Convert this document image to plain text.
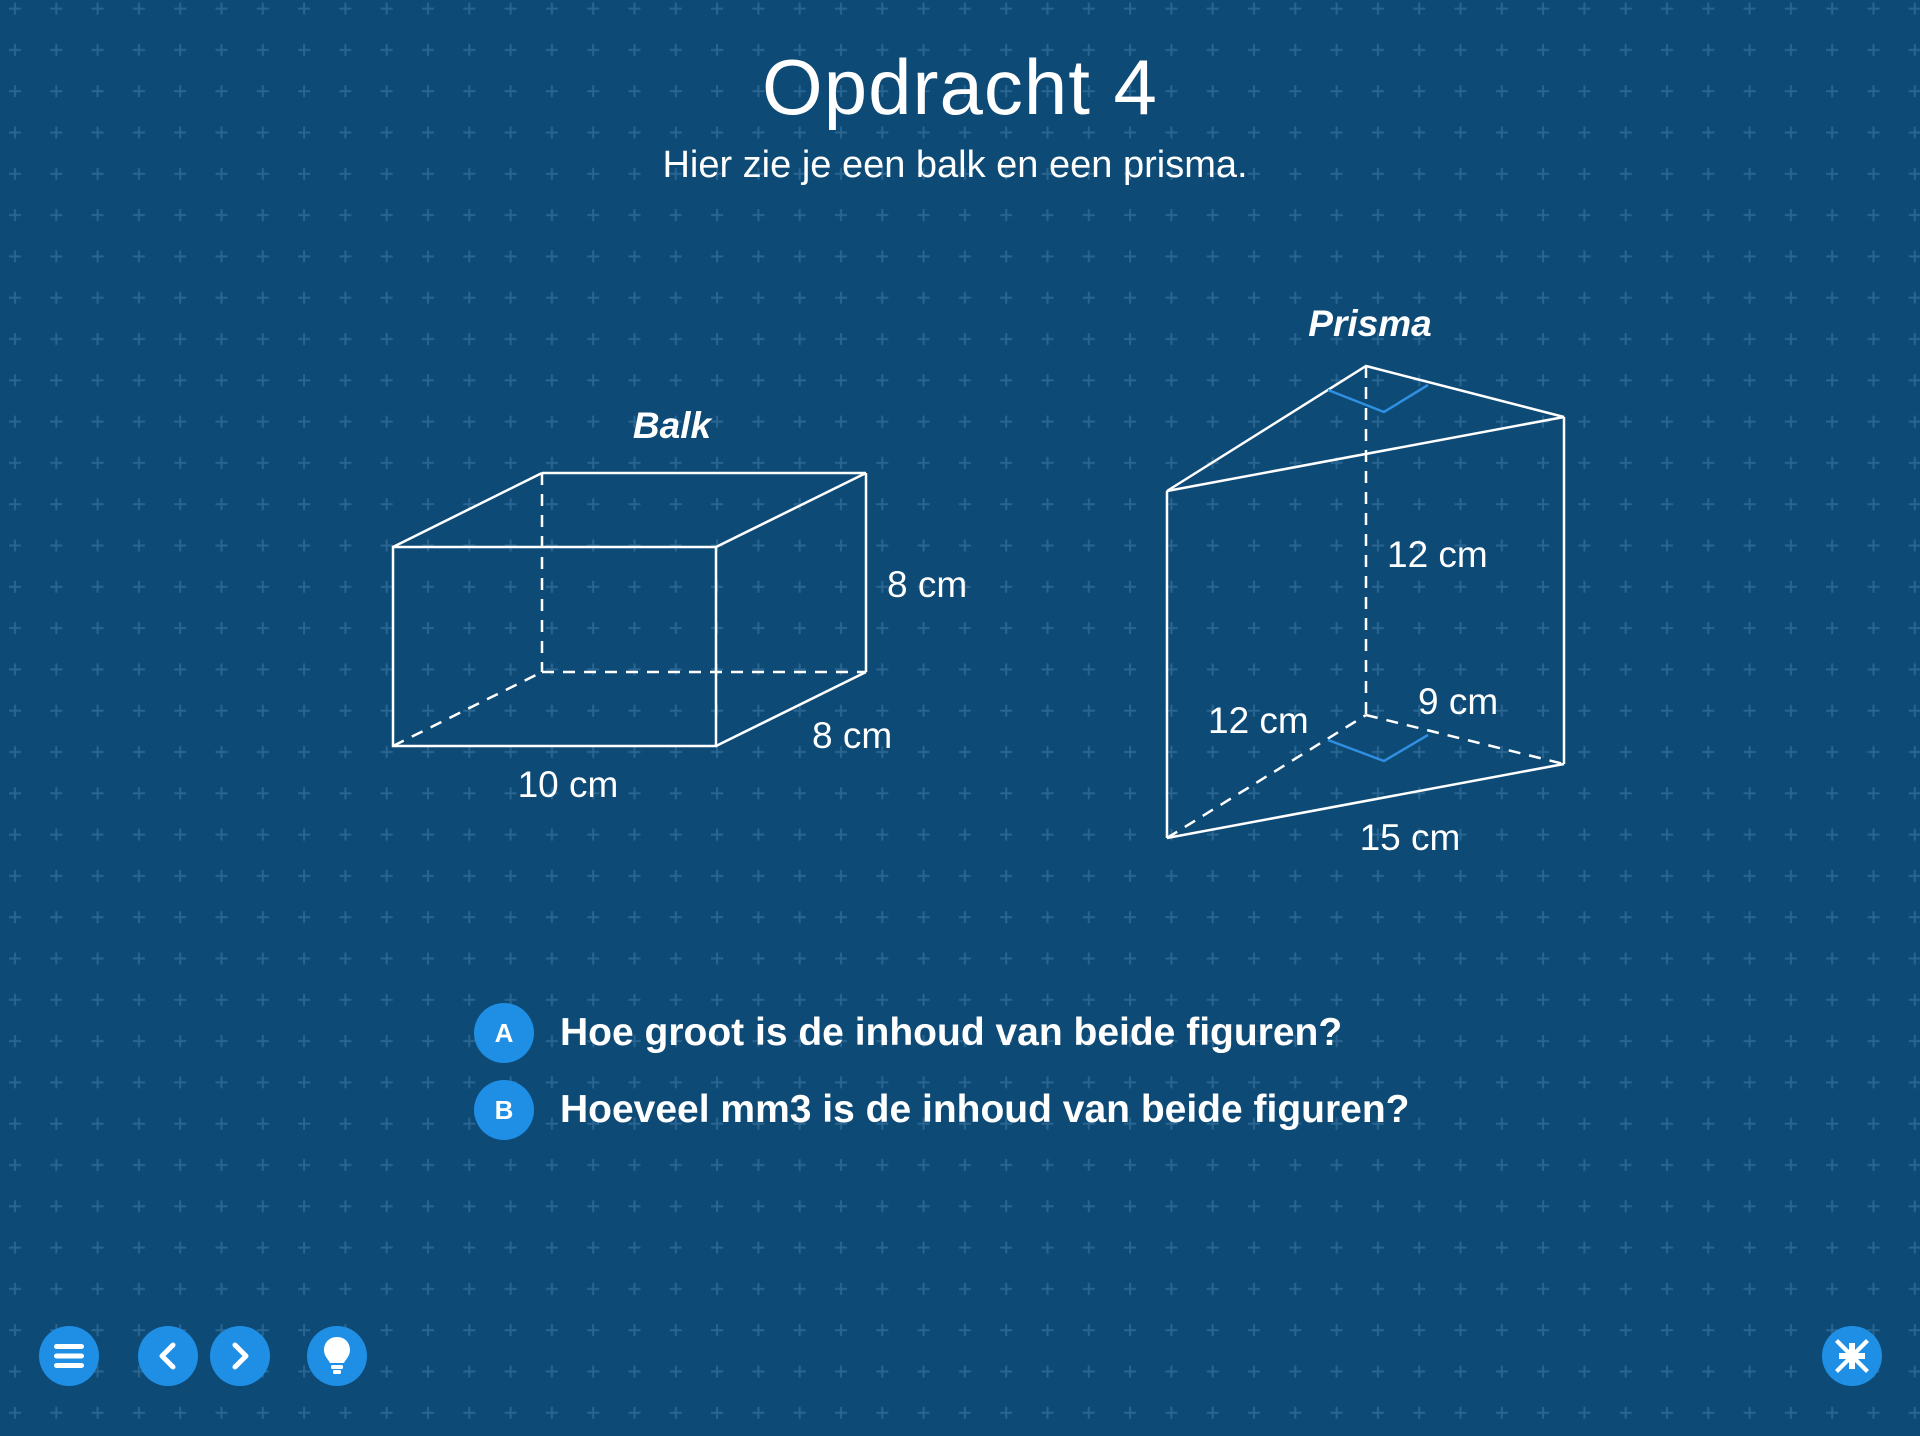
Opdracht 4

Hier zie je een balk en een prisma.

Balk
8 cm
8 cm
10 cm
Prisma
12 cm
12 cm	9 cm
15 cm
A	Hoe groot is de inhoud van beide figuren?
B	Hoeveel mm3 is de inhoud van beide figuren?
